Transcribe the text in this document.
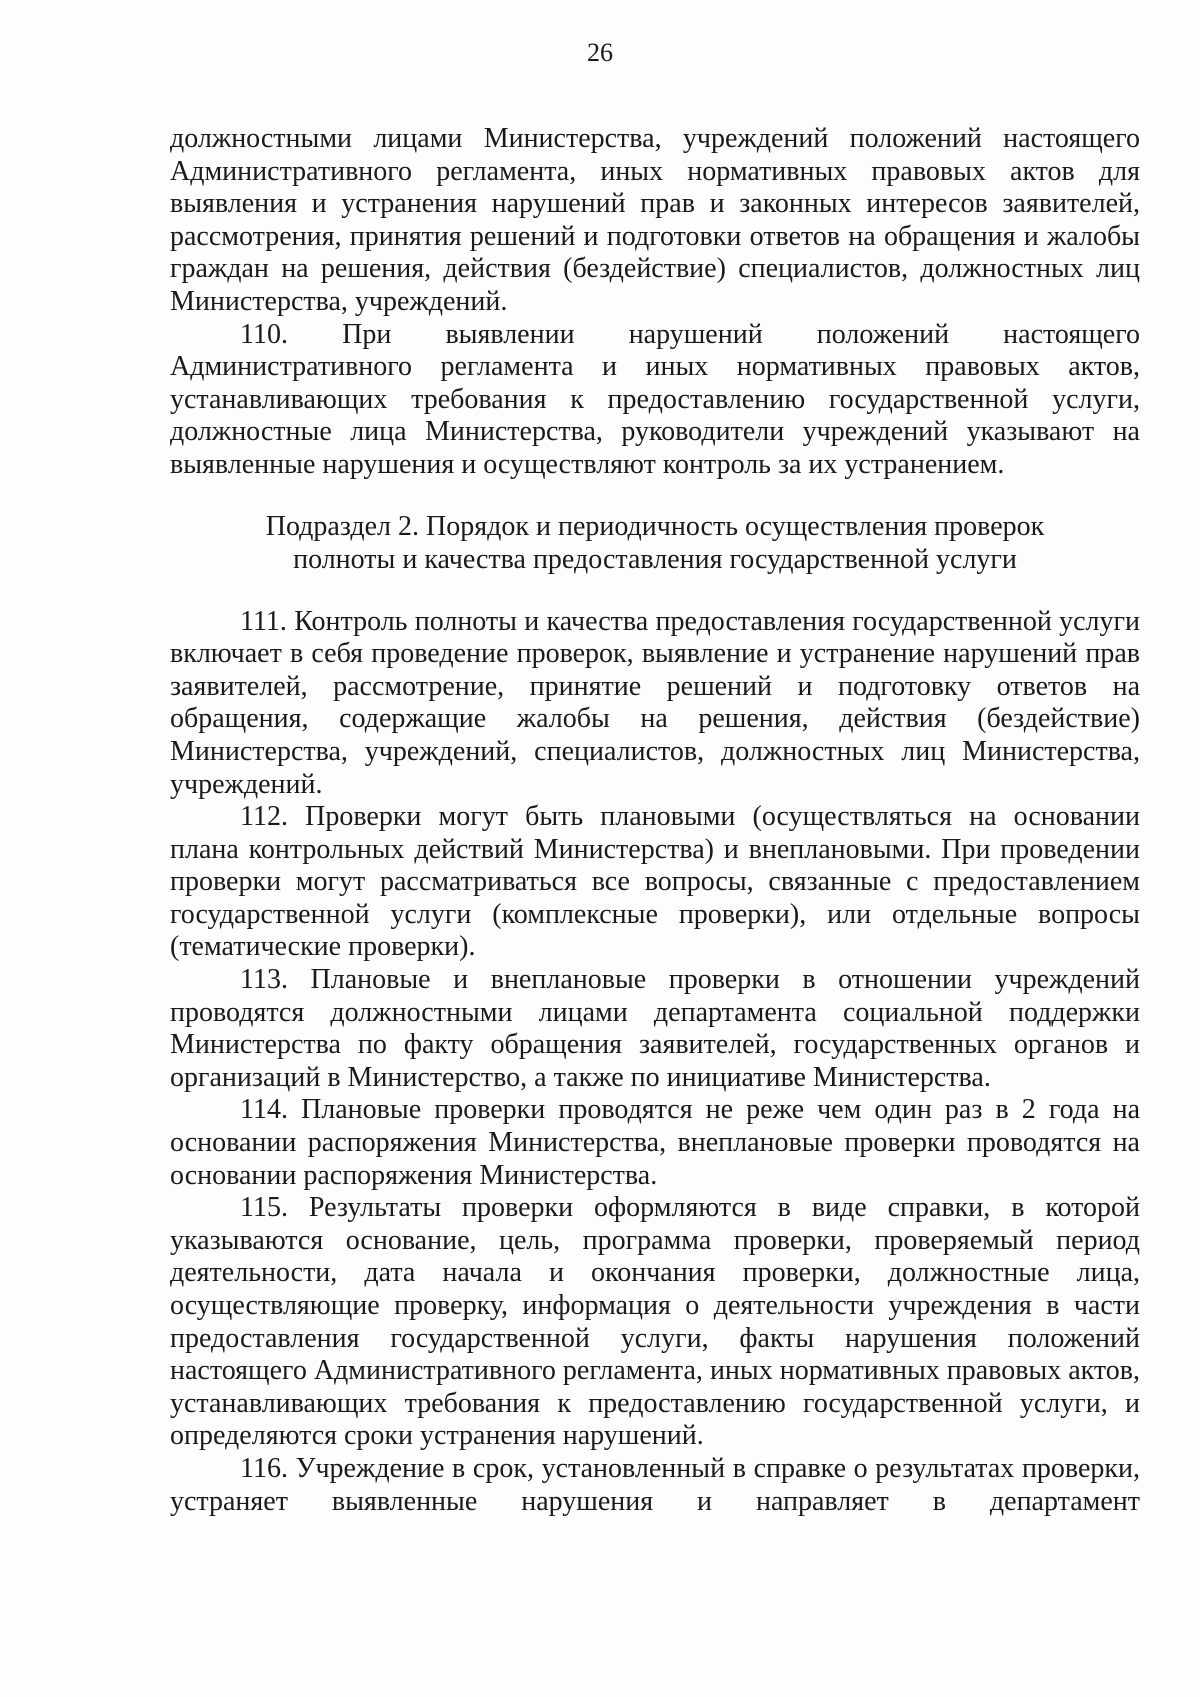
26

должностными лицами Министерства, учреждений положений настоящего Административного регламента, иных нормативных правовых актов для выявления и устранения нарушений прав и законных интересов заявителей, рассмотрения, принятия решений и подготовки ответов на обращения и жалобы граждан на решения, действия (бездействие) специалистов, должностных лиц Министерства, учреждений.

110. При выявлении нарушений положений настоящего Административного регламента и иных нормативных правовых актов, устанавливающих требования к предоставлению государственной услуги, должностные лица Министерства, руководители учреждений указывают на выявленные нарушения и осуществляют контроль за их устранением.

Подраздел 2. Порядок и периодичность осуществления проверок
полноты и качества предоставления государственной услуги

111. Контроль полноты и качества предоставления государственной услуги включает в себя проведение проверок, выявление и устранение нарушений прав заявителей, рассмотрение, принятие решений и подготовку ответов на обращения, содержащие жалобы на решения, действия (бездействие) Министерства, учреждений, специалистов, должностных лиц Министерства, учреждений.

112. Проверки могут быть плановыми (осуществляться на основании плана контрольных действий Министерства) и внеплановыми. При проведении проверки могут рассматриваться все вопросы, связанные с предоставлением государственной услуги (комплексные проверки), или отдельные вопросы (тематические проверки).

113. Плановые и внеплановые проверки в отношении учреждений проводятся должностными лицами департамента социальной поддержки Министерства по факту обращения заявителей, государственных органов и организаций в Министерство, а также по инициативе Министерства.

114. Плановые проверки проводятся не реже чем один раз в 2 года на основании распоряжения Министерства, внеплановые проверки проводятся на основании распоряжения Министерства.

115. Результаты проверки оформляются в виде справки, в которой указываются основание, цель, программа проверки, проверяемый период деятельности, дата начала и окончания проверки, должностные лица, осуществляющие проверку, информация о деятельности учреждения в части предоставления государственной услуги, факты нарушения положений настоящего Административного регламента, иных нормативных правовых актов, устанавливающих требования к предоставлению государственной услуги, и определяются сроки устранения нарушений.

116. Учреждение в срок, установленный в справке о результатах проверки, устраняет выявленные нарушения и направляет в департамент
